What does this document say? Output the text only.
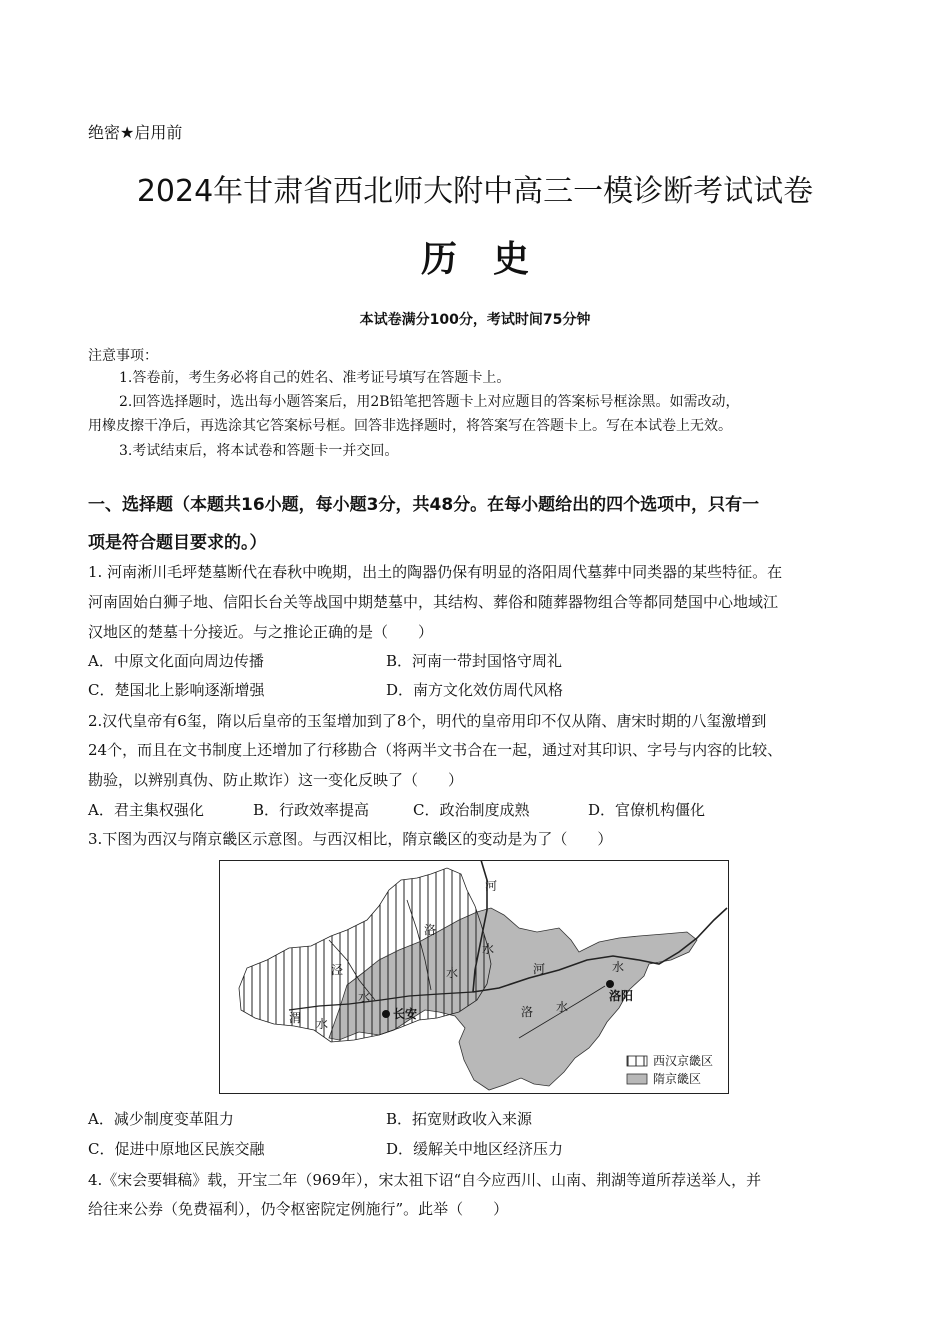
绝密★启用前
2024年甘肃省西北师大附中高三一模诊断考试试卷
历　史
本试卷满分100分，考试时间75分钟
注意事项：
1.答卷前，考生务必将自己的姓名、准考证号填写在答题卡上。
2.回答选择题时，选出每小题答案后，用2B铅笔把答题卡上对应题目的答案标号框涂黑。如需改动，
用橡皮擦干净后，再选涂其它答案标号框。回答非选择题时，将答案写在答题卡上。写在本试卷上无效。
3.考试结束后，将本试卷和答题卡一并交回。
一、选择题（本题共16小题，每小题3分，共48分。在每小题给出的四个选项中，只有一
项是符合题目要求的。）
1. 河南淅川毛坪楚墓断代在春秋中晚期，出土的陶器仍保有明显的洛阳周代墓葬中同类器的某些特征。在
河南固始白狮子地、信阳长台关等战国中期楚墓中，其结构、葬俗和随葬器物组合等都同楚国中心地域江
汉地区的楚墓十分接近。与之推论正确的是（　　）
A．中原文化面向周边传播	B．河南一带封国恪守周礼
C．楚国北上影响逐渐增强	D．南方文化效仿周代风格
2.汉代皇帝有6玺，隋以后皇帝的玉玺增加到了8个，明代的皇帝用印不仅从隋、唐宋时期的八玺激增到
24个，而且在文书制度上还增加了行移勘合（将两半文书合在一起，通过对其印识、字号与内容的比较、
勘验，以辨别真伪、防止欺诈）这一变化反映了（　　）
A．君主集权强化	B．行政效率提高	C．政治制度成熟	D．官僚机构僵化
3.下图为西汉与隋京畿区示意图。与西汉相比，隋京畿区的变动是为了（　　）
河
水
洛
水
泾
水
渭 水
河	水
洛 水
长安
洛阳
西汉京畿区
隋京畿区
A．减少制度变革阻力	B．拓宽财政收入来源
C．促进中原地区民族交融	D．缓解关中地区经济压力
4.《宋会要辑稿》载，开宝二年（969年），宋太祖下诏“自今应西川、山南、荆湖等道所荐送举人，并
给往来公券（免费福利），仍令枢密院定例施行”。此举（　　）
